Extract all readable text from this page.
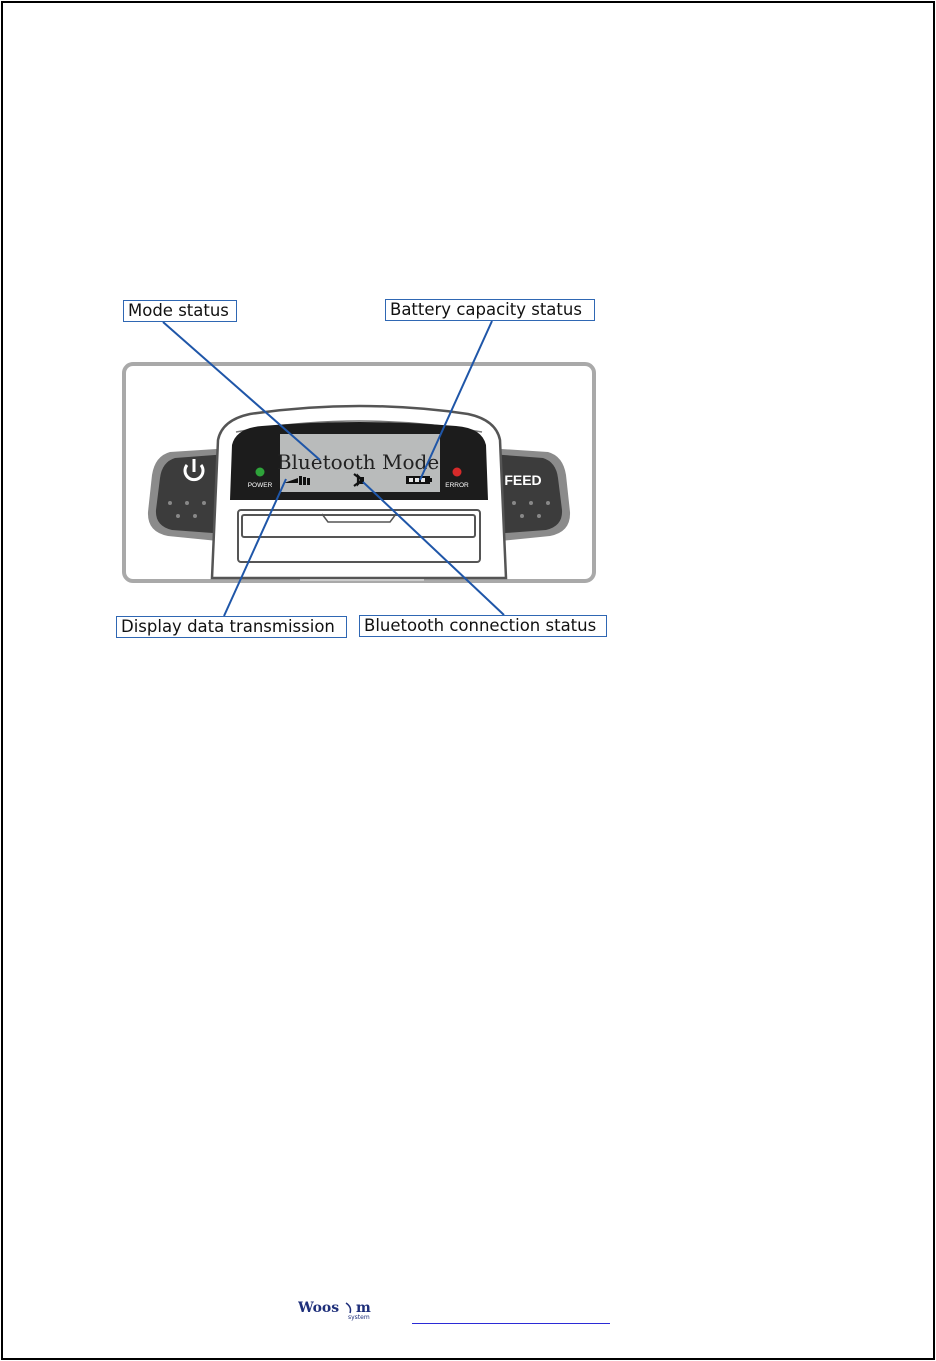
Bluetooth Mode
POWER	ERROR	FEED
Mode status	Battery capacity status
Display data transmission	Bluetooth connection status
Woos m
system
